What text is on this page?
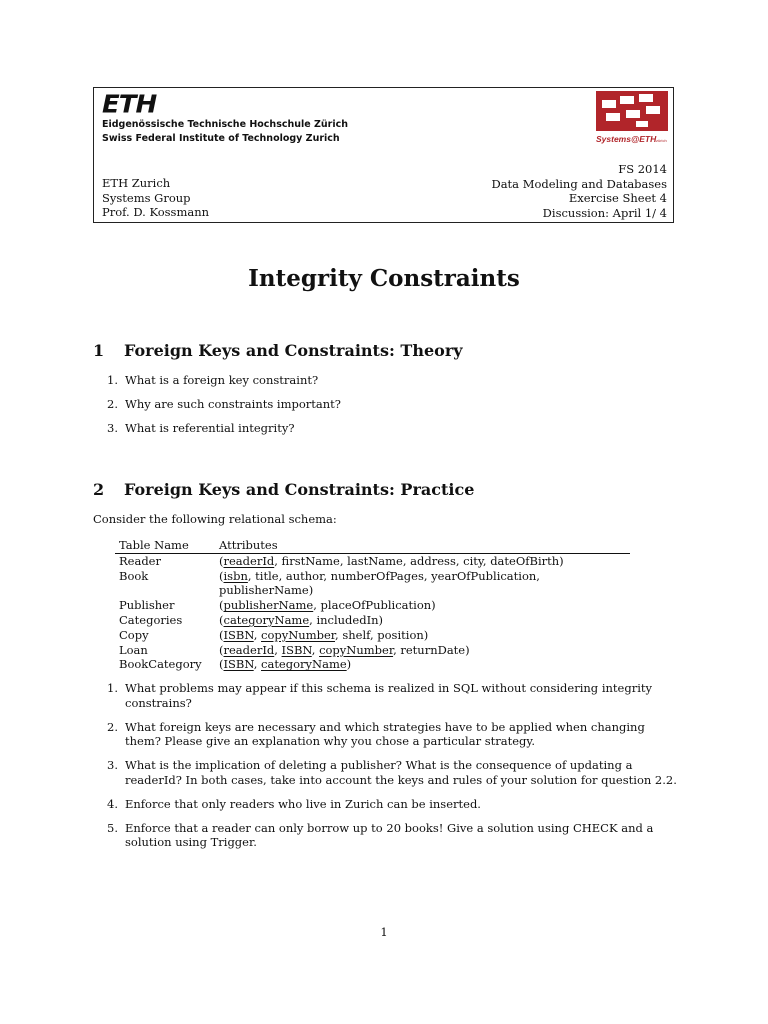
ETH
Eidgenössische Technische Hochschule Zürich
Swiss Federal Institute of Technology Zurich	Systems@ETH zürich
ETH Zurich
Systems Group
Prof. D. Kossmann
FS 2014
Data Modeling and Databases
Exercise Sheet 4
Discussion: April 1/ 4
Integrity Constraints
1 Foreign Keys and Constraints: Theory
1. What is a foreign key constraint?
2. Why are such constraints important?
3. What is referential integrity?
2 Foreign Keys and Constraints: Practice
Consider the following relational schema:
Table Name	Attributes
Reader	(readerId, firstName, lastName, address, city, dateOfBirth)
Book	(isbn, title, author, numberOfPages, yearOfPublication, publisherName)
Publisher	(publisherName, placeOfPublication)
Categories	(categoryName, includedIn)
Copy	(ISBN, copyNumber, shelf, position)
Loan	(readerId, ISBN, copyNumber, returnDate)
BookCategory	(ISBN, categoryName)
1. What problems may appear if this schema is realized in SQL without considering integrity constrains?
2. What foreign keys are necessary and which strategies have to be applied when changing them? Please give an explanation why you chose a particular strategy.
3. What is the implication of deleting a publisher? What is the consequence of updating a readerId? In both cases, take into account the keys and rules of your solution for question 2.2.
4. Enforce that only readers who live in Zurich can be inserted.
5. Enforce that a reader can only borrow up to 20 books! Give a solution using CHECK and a solution using Trigger.
1
